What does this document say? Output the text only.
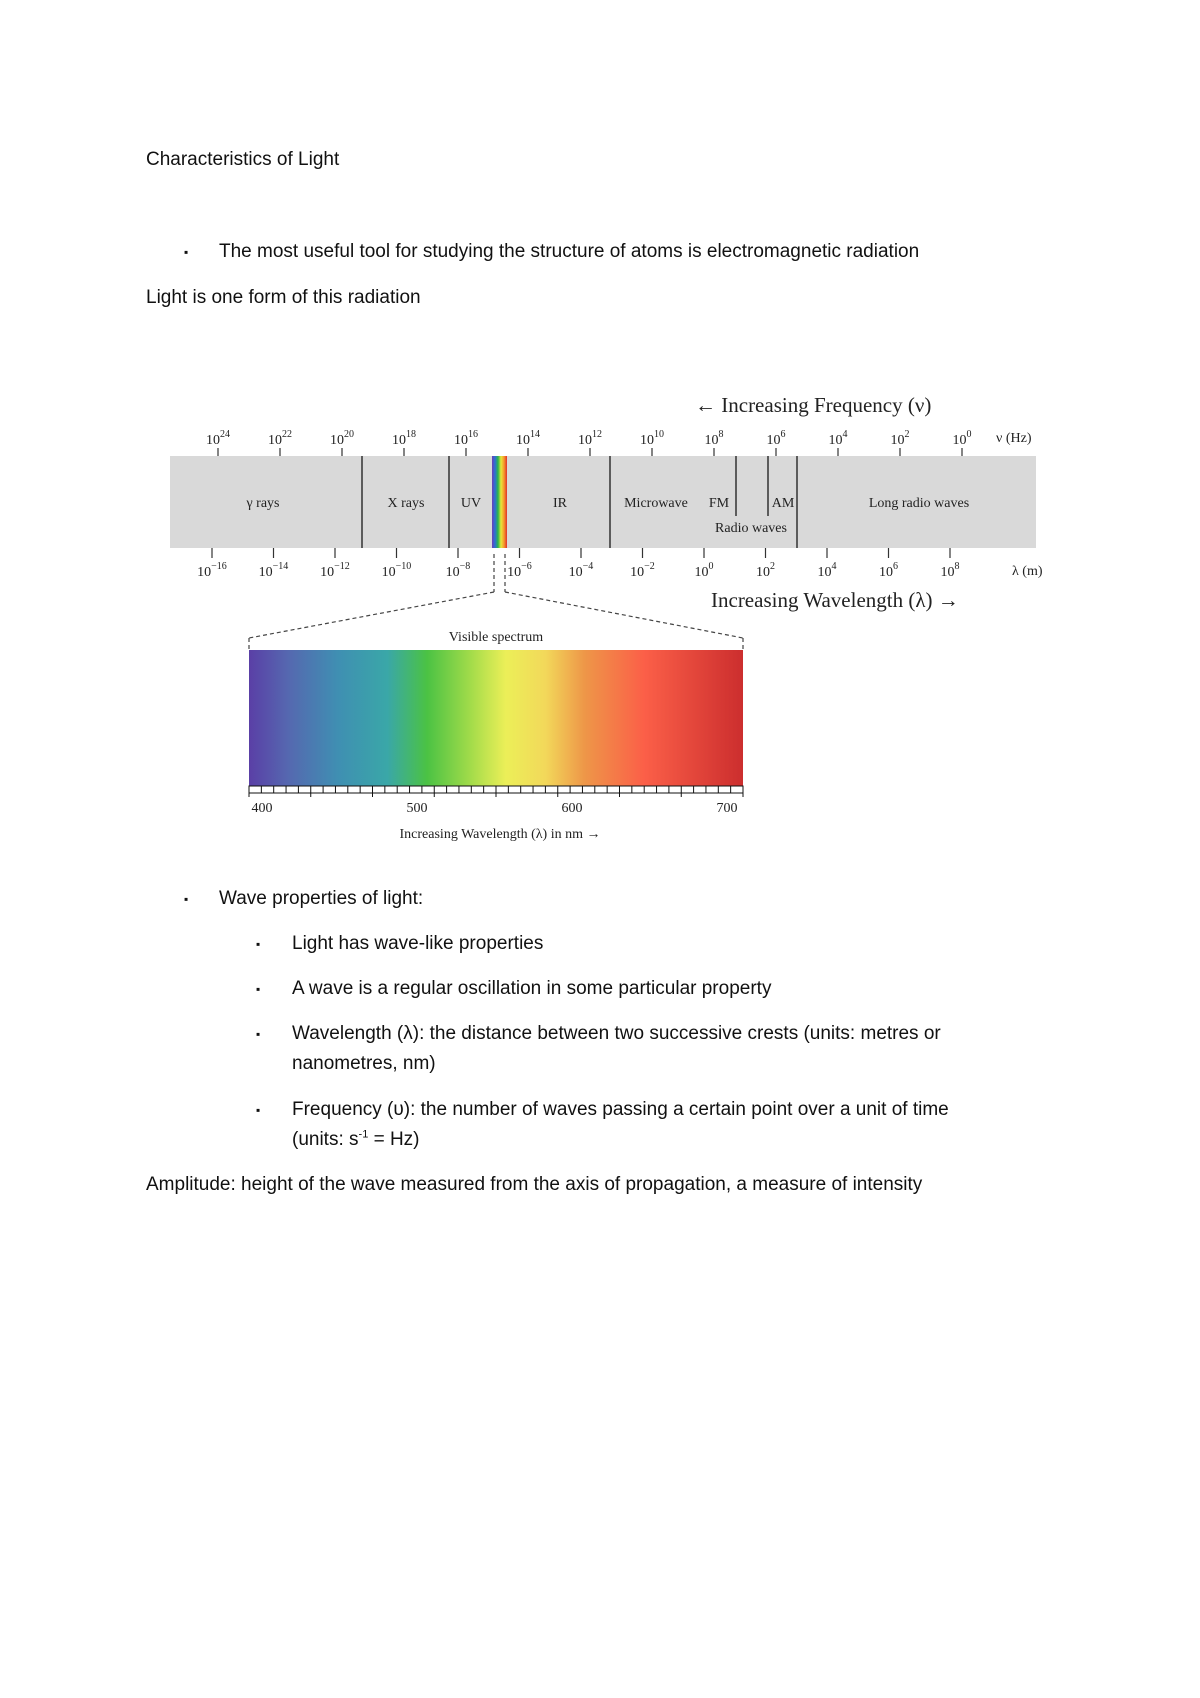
Characteristics of Light
▪ The most useful tool for studying the structure of atoms is electromagnetic radiation
Light is one form of this radiation
← Increasing Frequency (ν)
$10^{24}$	$10^{22}$	$10^{20}$	$10^{18}$	$10^{16}$	$10^{14}$	$10^{12}$	$10^{10}$	$10^8$	$10^6$	$10^4$	$10^2$	$10^0$ ν (Hz)
γ rays	X rays	UV	IR	Microwave FM	AM
Radio waves
Long radio waves
$10^{-16}$ $10^{-14}$ $10^{-12}$ $10^{-10}$ $10^{-8}$	$10^{-6}$	$10^{-4}$	$10^{-2}$	$10^0$	$10^2$	$10^4$	$10^6$	$10^8$	λ (m)
Increasing Wavelength (λ) →
Visible spectrum
400	500	600	700
Increasing Wavelength (λ) in nm →
▪ Wave properties of light:
▪ Light has wave-like properties
▪ A wave is a regular oscillation in some particular property
▪ Wavelength (λ): the distance between two successive crests (units: metres or
nanometres, nm)
▪ Frequency (υ): the number of waves passing a certain point over a unit of time
(units: $s^{-1} = Hz$)
Amplitude: height of the wave measured from the axis of propagation, a measure of intensity
